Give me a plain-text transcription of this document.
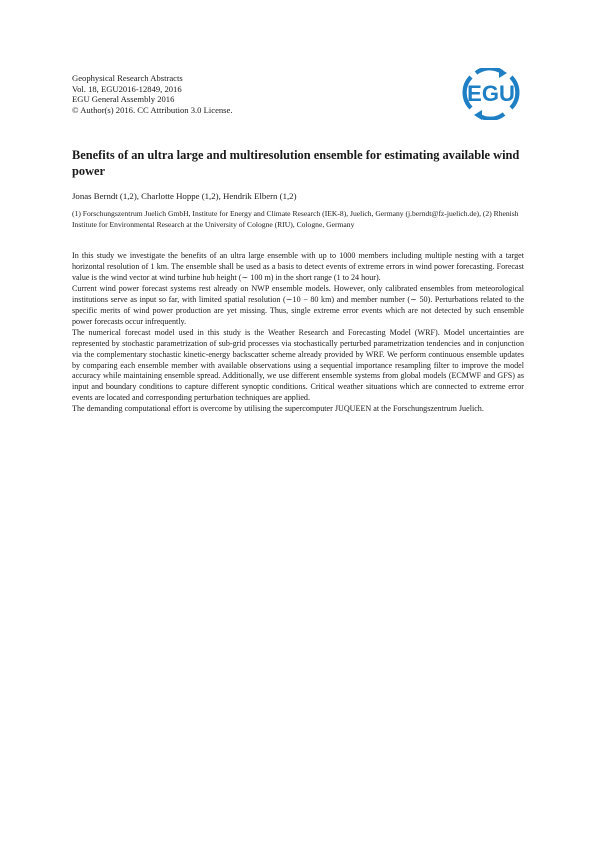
Geophysical Research Abstracts
Vol. 18, EGU2016-12849, 2016
EGU General Assembly 2016
© Author(s) 2016. CC Attribution 3.0 License.
EGU
Benefits of an ultra large and multiresolution ensemble for estimating available wind power
Jonas Berndt (1,2), Charlotte Hoppe (1,2), Hendrik Elbern (1,2)
(1) Forschungszentrum Juelich GmbH, Institute for Energy and Climate Research (IEK-8), Juelich, Germany (j.berndt@fz-juelich.de), (2) Rhenish Institute for Environmental Research at the University of Cologne (RIU), Cologne, Germany

In this study we investigate the benefits of an ultra large ensemble with up to 1000 members including multiple nesting with a target horizontal resolution of 1 km. The ensemble shall be used as a basis to detect events of extreme errors in wind power forecasting. Forecast value is the wind vector at wind turbine hub height (∼ 100 m) in the short range (1 to 24 hour).

Current wind power forecast systems rest already on NWP ensemble models. However, only calibrated ensembles from meteorological institutions serve as input so far, with limited spatial resolution (∼10 − 80 km) and member number (∼ 50). Perturbations related to the specific merits of wind power production are yet missing. Thus, single extreme error events which are not detected by such ensemble power forecasts occur infrequently.

The numerical forecast model used in this study is the Weather Research and Forecasting Model (WRF). Model uncertainties are represented by stochastic parametrization of sub-grid processes via stochastically perturbed parametrization tendencies and in conjunction via the complementary stochastic kinetic-energy backscatter scheme already provided by WRF. We perform continuous ensemble updates by comparing each ensemble member with available observations using a sequential importance resampling filter to improve the model accuracy while maintaining ensemble spread. Additionally, we use different ensemble systems from global models (ECMWF and GFS) as input and boundary conditions to capture different synoptic conditions. Critical weather situations which are connected to extreme error events are located and corresponding perturbation techniques are applied.

The demanding computational effort is overcome by utilising the supercomputer JUQUEEN at the Forschungszentrum Juelich.
